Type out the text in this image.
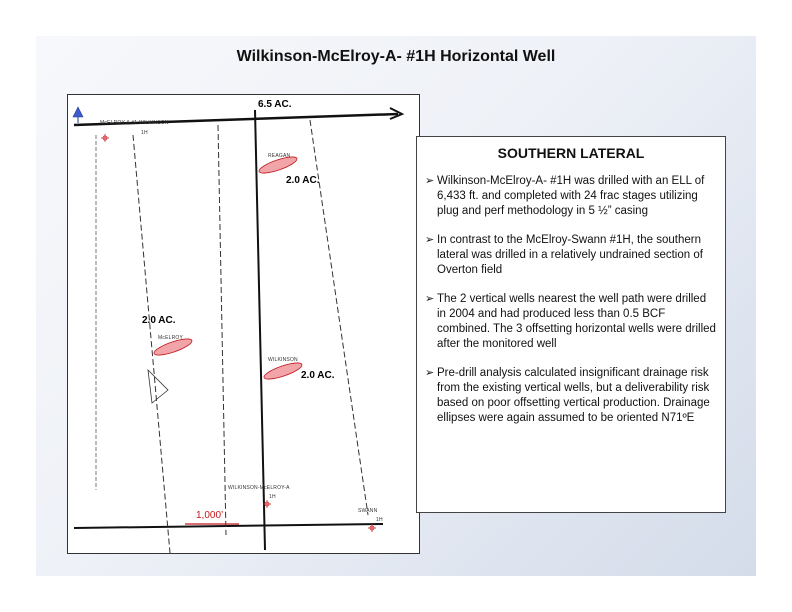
Wilkinson-McElroy-A- #1H Horizontal Well
6.5 AC.
2.0 AC.
2.0 AC.
2.0 AC.
McELROY-A #1 WILKINSON
1H
REAGAN
McELROY
WILKINSON
WILKINSON-McELROY-A
1H
SWANN
1H
1,000’
SOUTHERN LATERAL
➢ Wilkinson-McElroy-A- #1H was drilled with an ELL of 6,433 ft. and completed with 24 frac stages utilizing plug and perf methodology in 5 ½” casing
➢ In contrast to the McElroy-Swann #1H, the southern lateral was drilled in a relatively undrained section of Overton field
➢ The 2 vertical wells nearest the well path were drilled in 2004 and had produced less than 0.5 BCF combined. The 3 offsetting horizontal wells were drilled after the monitored well
➢ Pre-drill analysis calculated insignificant drainage risk from the existing vertical wells, but a deliverability risk based on poor offsetting vertical production. Drainage ellipses were again assumed to be oriented N71ºE
